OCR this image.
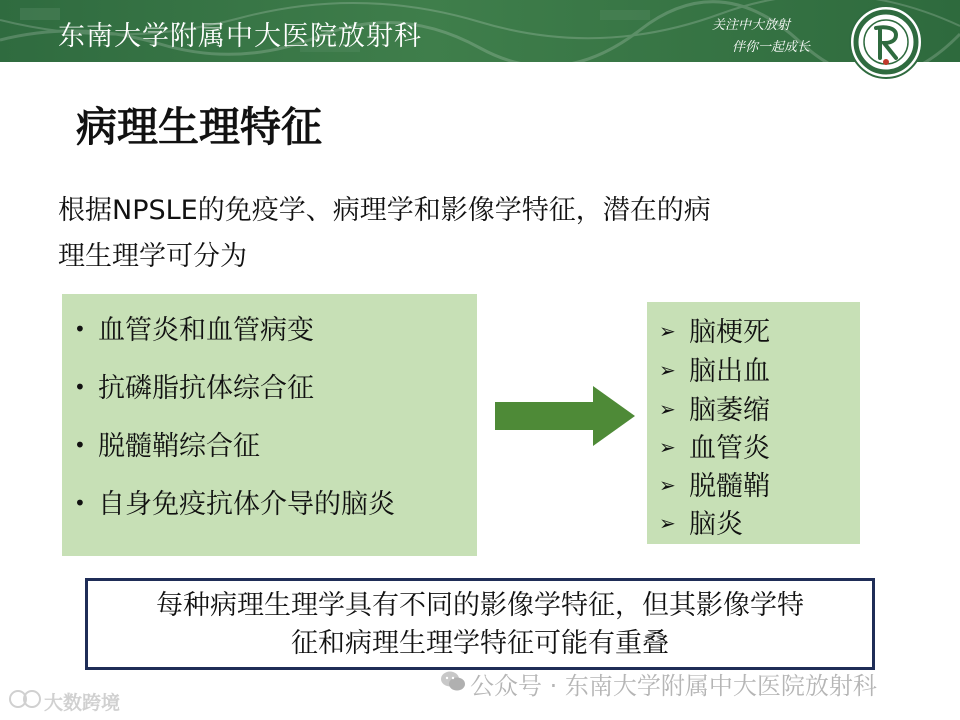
东南大学附属中大医院放射科	关注中大放射
伴你一起成长
病理生理特征
根据NPSLE的免疫学、病理学和影像学特征，潜在的病
理生理学可分为
• 血管炎和血管病变
• 抗磷脂抗体综合征
• 脱髓鞘综合征
• 自身免疫抗体介导的脑炎
➢ 脑梗死
➢ 脑出血
➢ 脑萎缩
➢ 血管炎
➢ 脱髓鞘
➢ 脑炎
每种病理生理学具有不同的影像学特征，但其影像学特
征和病理生理学特征可能有重叠
公众号 · 东南大学附属中大医院放射科
大数跨境
